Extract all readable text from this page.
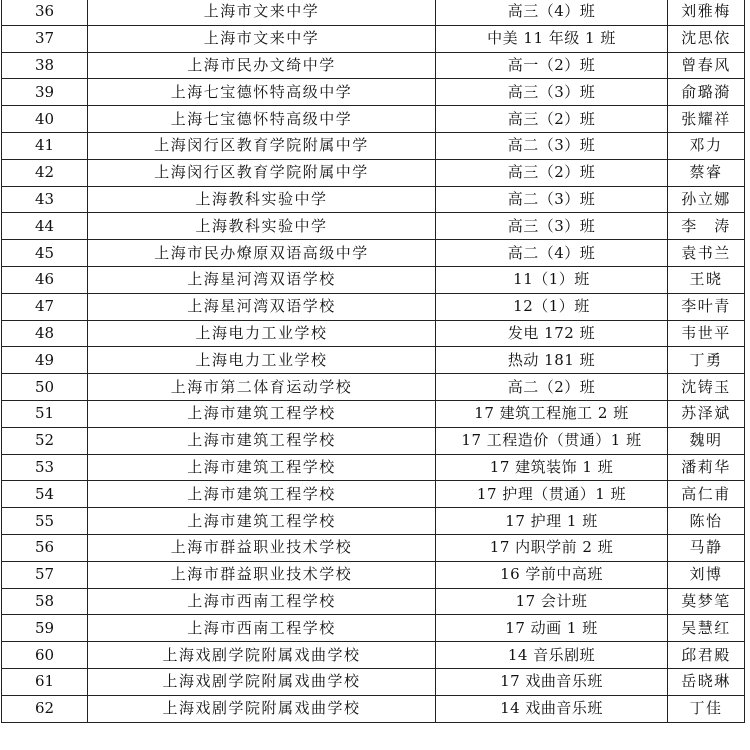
36	上海市文来中学	高三（4）班	刘雅梅
37	上海市文来中学	中美 11 年级 1 班	沈思依
38	上海市民办文绮中学	高一（2）班	曾春风
39	上海七宝德怀特高级中学	高三（3）班	俞璐漪
40	上海七宝德怀特高级中学	高三（2）班	张耀祥
41	上海闵行区教育学院附属中学	高二（3）班	邓力
42	上海闵行区教育学院附属中学	高三（2）班	蔡睿
43	上海教科实验中学	高二（3）班	孙立娜
44	上海教科实验中学	高三（3）班	李　涛
45	上海市民办燎原双语高级中学	高二（4）班	袁书兰
46	上海星河湾双语学校	11（1）班	王晓
47	上海星河湾双语学校	12（1）班	李叶青
48	上海电力工业学校	发电 172 班	韦世平
49	上海电力工业学校	热动 181 班	丁勇
50	上海市第二体育运动学校	高二（2）班	沈铸玉
51	上海市建筑工程学校	17 建筑工程施工 2 班	苏泽斌
52	上海市建筑工程学校	17 工程造价（贯通）1 班	魏明
53	上海市建筑工程学校	17 建筑装饰 1 班	潘莉华
54	上海市建筑工程学校	17 护理（贯通）1 班	高仁甫
55	上海市建筑工程学校	17 护理 1 班	陈怡
56	上海市群益职业技术学校	17 内职学前 2 班	马静
57	上海市群益职业技术学校	16 学前中高班	刘博
58	上海市西南工程学校	17 会计班	莫梦笔
59	上海市西南工程学校	17 动画 1 班	吴慧红
60	上海戏剧学院附属戏曲学校	14 音乐剧班	邱君殿
61	上海戏剧学院附属戏曲学校	17 戏曲音乐班	岳晓琳
62	上海戏剧学院附属戏曲学校	14 戏曲音乐班	丁佳
